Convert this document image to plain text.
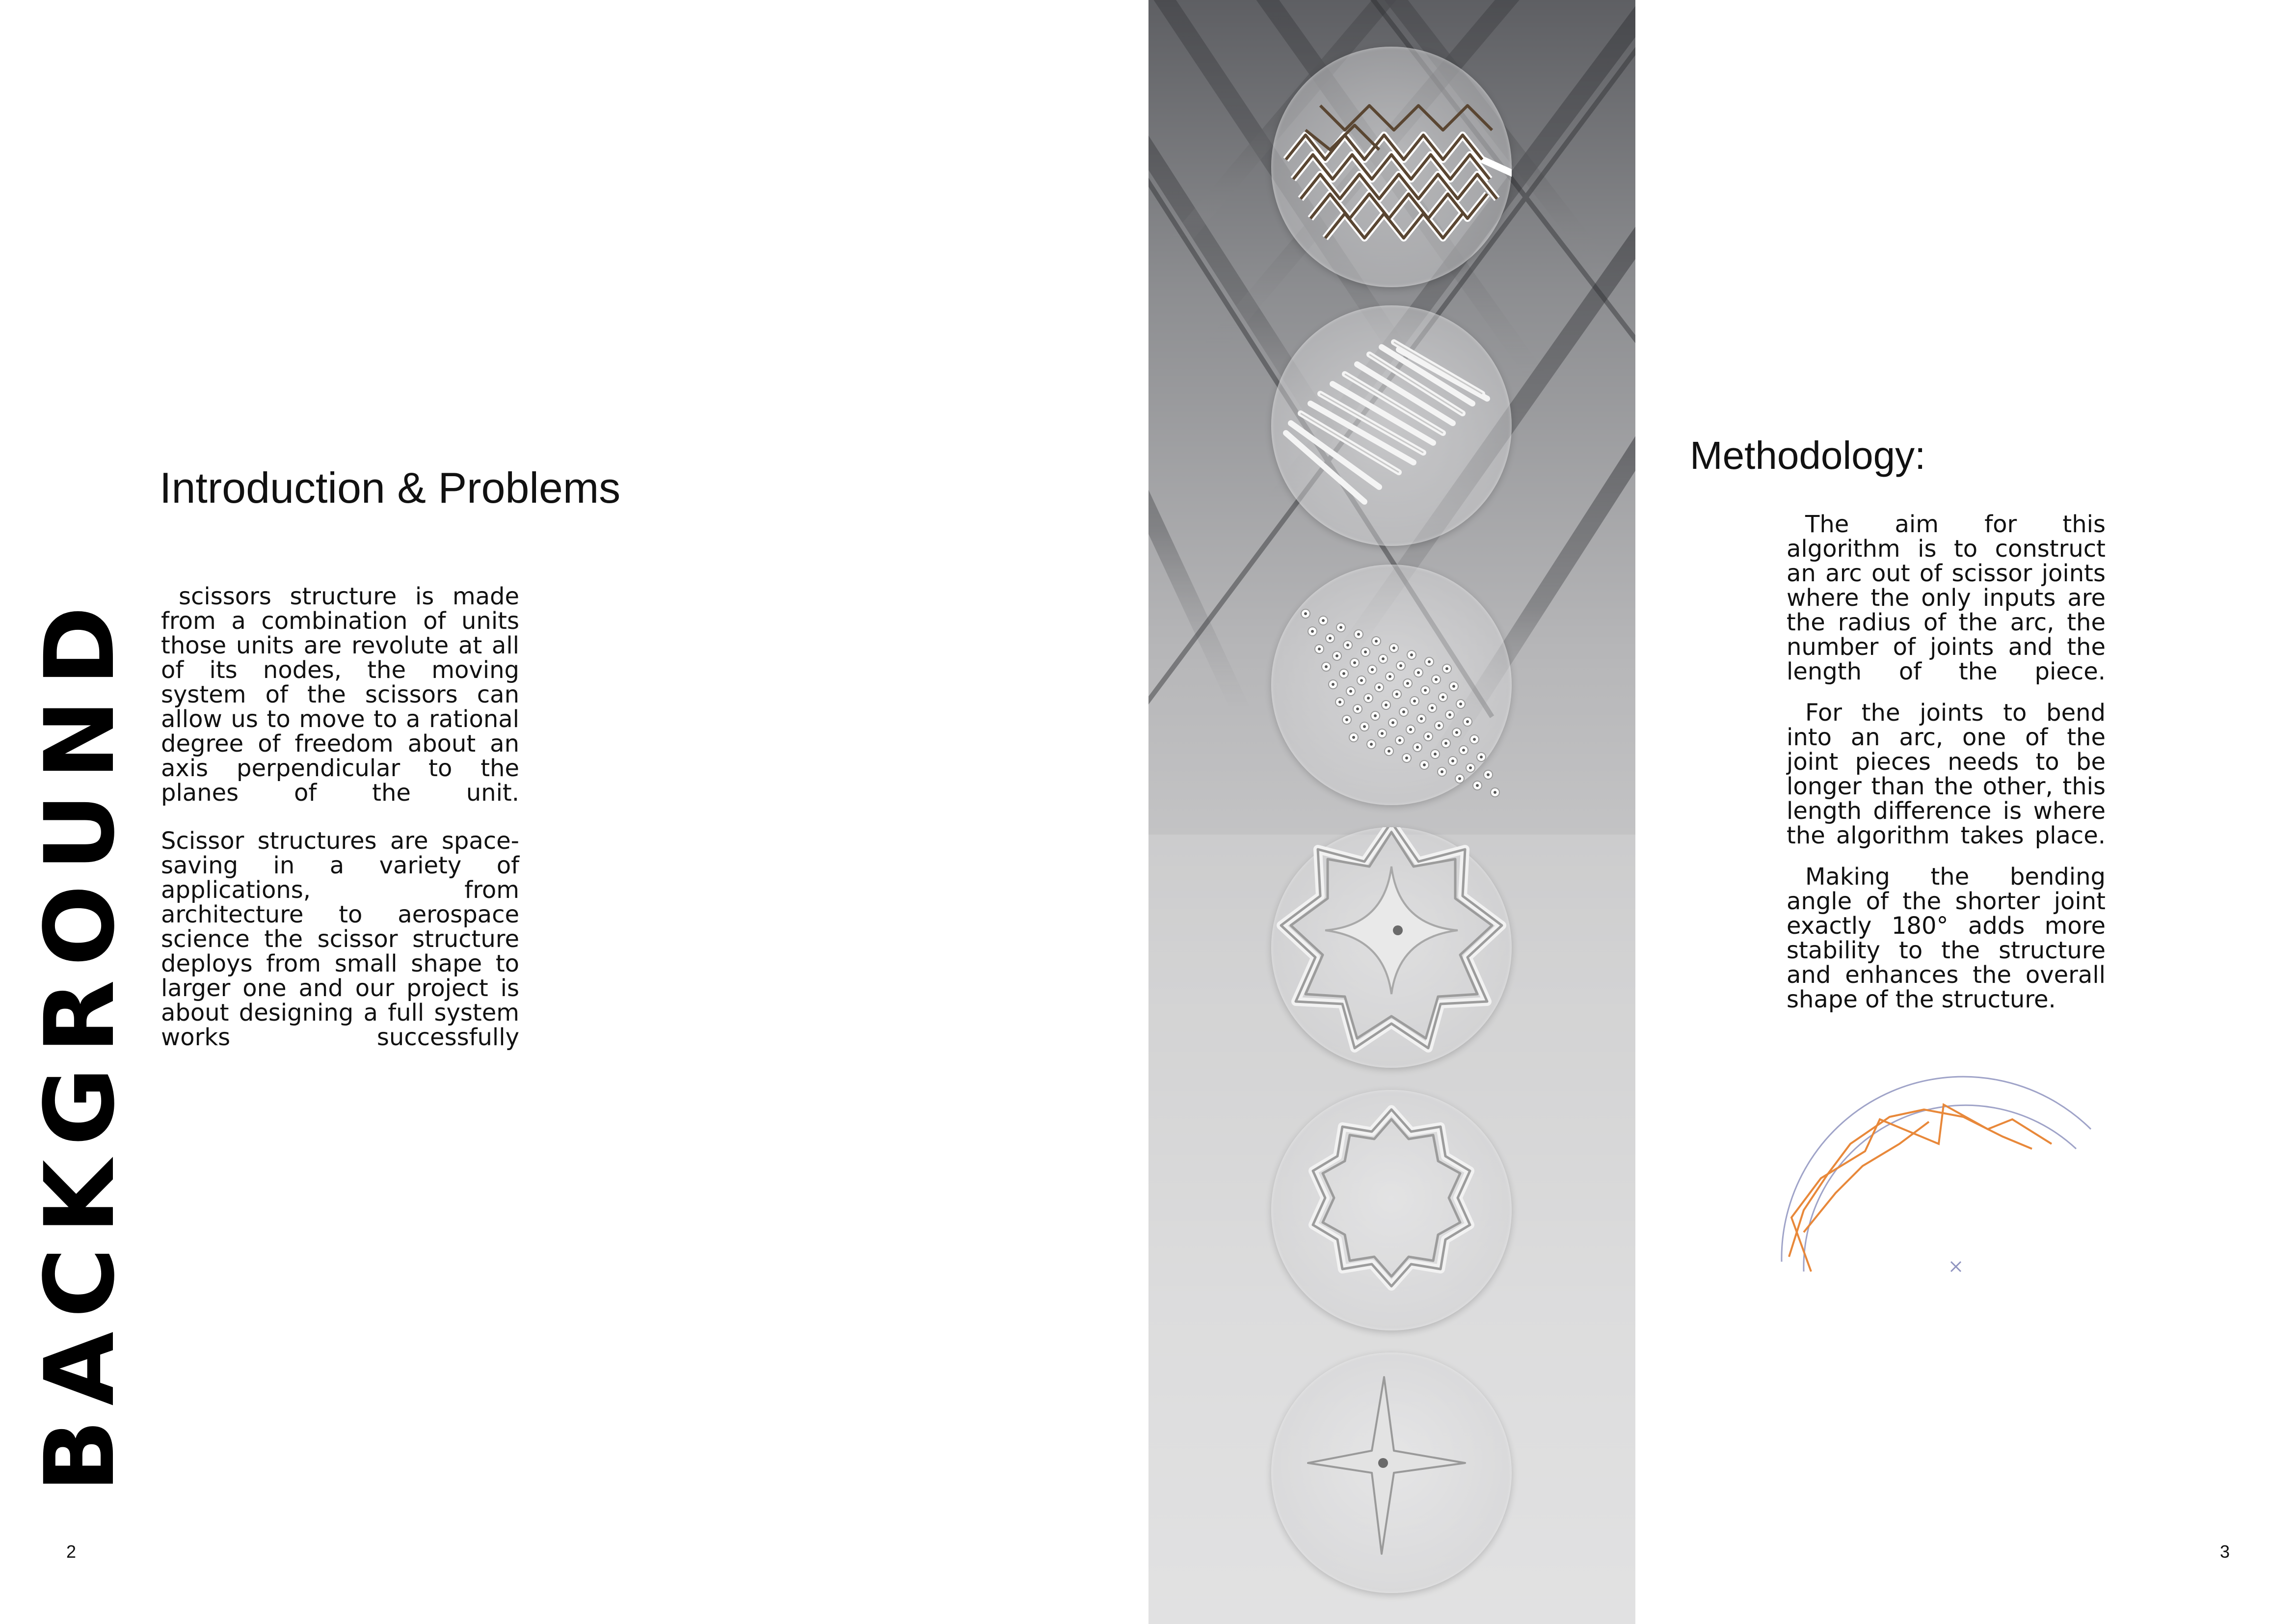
BACKGROUND
Introduction & Problems

scissors structure is made from a combination of units those units are revolute at all of its nodes, the moving system of the scissors can allow us to move to a rational degree of freedom about an axis perpendicular to the planes of the unit.

Scissor structures are space-saving in a variety of applications, from architecture to aerospace science the scissor structure deploys from small shape to larger one and our project is about designing a full system works successfully

2
Methodology:
3

The aim for this algorithm is to construct an arc out of scissor joints where the only inputs are the radius of the arc, the number of joints and the length of the piece.

For the joints to bend into an arc, one of the joint pieces needs to be longer than the other, this length difference is where the algorithm takes place.

Making the bending angle of the shorter joint exactly 180° adds more stability to the structure and enhances the overall shape of the structure.
